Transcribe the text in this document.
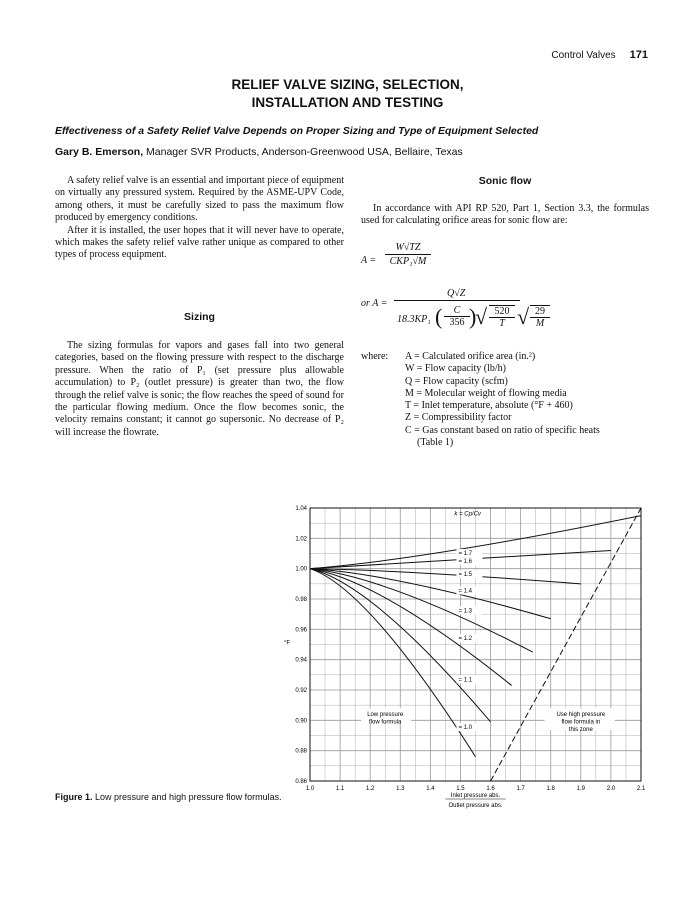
Control Valves 171
RELIEF VALVE SIZING, SELECTION,
INSTALLATION AND TESTING
Effectiveness of a Safety Relief Valve Depends on Proper Sizing and Type of Equipment Selected
Gary B. Emerson, Manager SVR Products, Anderson-Greenwood USA, Bellaire, Texas

A safety relief valve is an essential and important piece of equipment on virtually any pressured system. Required by the ASME-UPV Code, among others, it must be carefully sized to pass the maximum flow produced by emergency conditions.

After it is installed, the user hopes that it will never have to operate, which makes the safety relief valve rather unique as compared to other types of process equipment.

Sizing

The sizing formulas for vapors and gases fall into two general categories, based on the flowing pressure with respect to the discharge pressure. When the ratio of P₁ (set pressure plus allowable accumulation) to P₂ (outlet pressure) is greater than two, the flow through the relief valve is sonic; the flow reaches the speed of sound for the particular flowing medium. Once the flow becomes sonic, the velocity remains constant; it cannot go supersonic. No decrease of P₂ will increase the flowrate.

Sonic flow

In accordance with API RP 520, Part 1, Section 3.3, the formulas used for calculating orifice areas for sonic flow are:

A =
W√TZ
CKP₁√M
or A =
Q√Z
18.3KP₁ (	C
356 )
√ $\frac{520}{T}$ √ $\frac{29}{M}$
where:	A = Calculated orifice area (in.²)
W = Flow capacity (lb/h)
Q = Flow capacity (scfm)
M = Molecular weight of flowing media
T = Inlet temperature, absolute (°F + 460)
Z = Compressibility factor
C = Gas constant based on ratio of specific heats
(Table 1)
1.0	1.1	1.2	1.3	1.4	1.5	1.6	1.7	1.8	1.9	2.0	2.1
0.86
0.88
0.90
0.92
0.94
0.96
0.98
1.00
1.02
1.04
°F
Inlet pressure abs.
Outlet pressure abs.
= 1.7
= 1.6
= 1.5
= 1.4
= 1.3
= 1.2
= 1.1
= 1.0
k = Cp/Cv
Low pressure
flow formula
Use high pressure
flow formula in
this zone
Figure 1. Low pressure and high pressure flow formulas.
